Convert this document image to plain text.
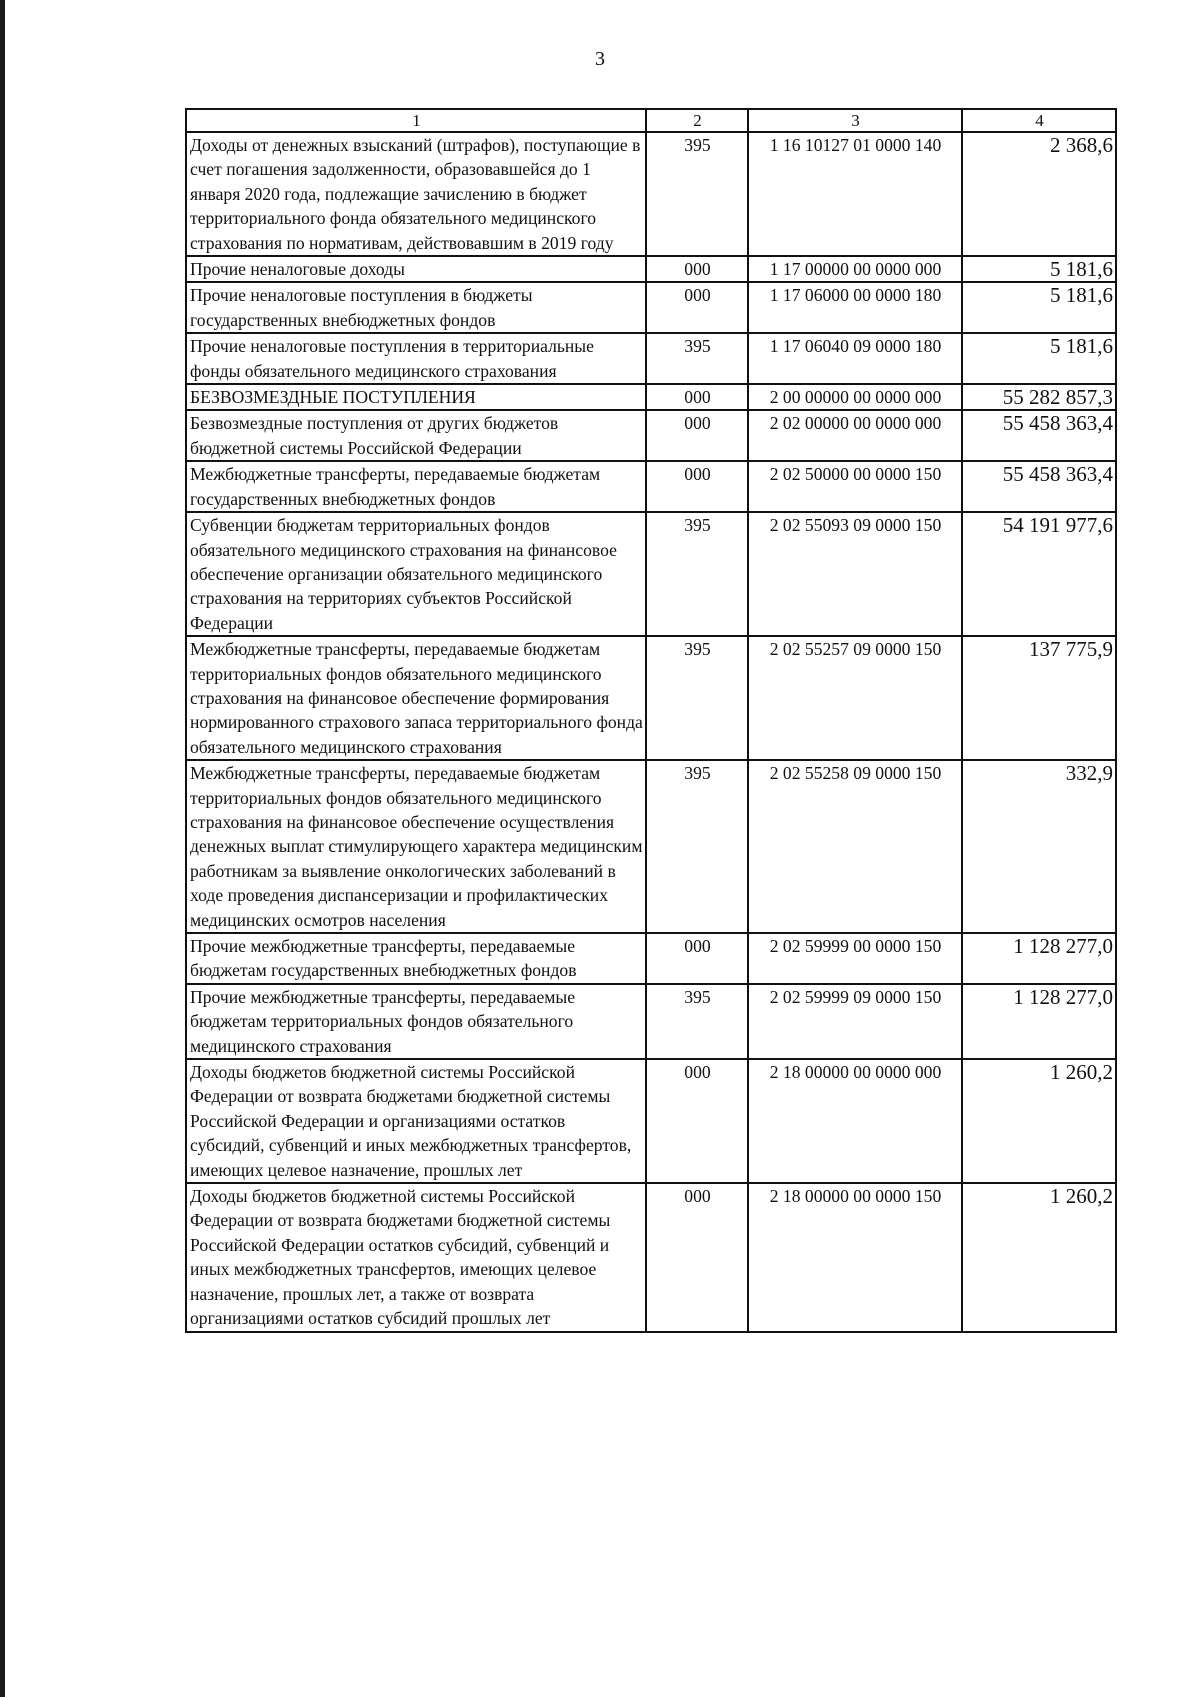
3
1	2	3	4
Доходы от денежных взысканий (штрафов), поступающие в счет погашения задолженности, образовавшейся до 1 января 2020 года, подлежащие зачислению в бюджет территориального фонда обязательного медицинского страхования по нормативам, действовавшим в 2019 году	395	1 16 10127 01 0000 140	2 368,6
Прочие неналоговые доходы	000	1 17 00000 00 0000 000	5 181,6
Прочие неналоговые поступления в бюджеты государственных внебюджетных фондов	000	1 17 06000 00 0000 180	5 181,6
Прочие неналоговые поступления в территориальные фонды обязательного медицинского страхования	395	1 17 06040 09 0000 180	5 181,6
БЕЗВОЗМЕЗДНЫЕ ПОСТУПЛЕНИЯ	000	2 00 00000 00 0000 000	55 282 857,3
Безвозмездные поступления от других бюджетов бюджетной системы Российской Федерации	000	2 02 00000 00 0000 000	55 458 363,4
Межбюджетные трансферты, передаваемые бюджетам государственных внебюджетных фондов	000	2 02 50000 00 0000 150	55 458 363,4
Субвенции бюджетам территориальных фондов обязательного медицинского страхования на финансовое обеспечение организации обязательного медицинского страхования на территориях субъектов Российской Федерации	395	2 02 55093 09 0000 150	54 191 977,6
Межбюджетные трансферты, передаваемые бюджетам территориальных фондов обязательного медицинского страхования на финансовое обеспечение формирования нормированного страхового запаса территориального фонда обязательного медицинского страхования	395	2 02 55257 09 0000 150	137 775,9
Межбюджетные трансферты, передаваемые бюджетам территориальных фондов обязательного медицинского страхования на финансовое обеспечение осуществления денежных выплат стимулирующего характера медицинским работникам за выявление онкологических заболеваний в ходе проведения диспансеризации и профилактических медицинских осмотров населения	395	2 02 55258 09 0000 150	332,9
Прочие межбюджетные трансферты, передаваемые бюджетам государственных внебюджетных фондов	000	2 02 59999 00 0000 150	1 128 277,0
Прочие межбюджетные трансферты, передаваемые бюджетам территориальных фондов обязательного медицинского страхования	395	2 02 59999 09 0000 150	1 128 277,0
Доходы бюджетов бюджетной системы Российской Федерации от возврата бюджетами бюджетной системы Российской Федерации и организациями остатков субсидий, субвенций и иных межбюджетных трансфертов, имеющих целевое назначение, прошлых лет	000	2 18 00000 00 0000 000	1 260,2
Доходы бюджетов бюджетной системы Российской Федерации от возврата бюджетами бюджетной системы Российской Федерации остатков субсидий, субвенций и иных межбюджетных трансфертов, имеющих целевое назначение, прошлых лет, а также от возврата организациями остатков субсидий прошлых лет	000	2 18 00000 00 0000 150	1 260,2
